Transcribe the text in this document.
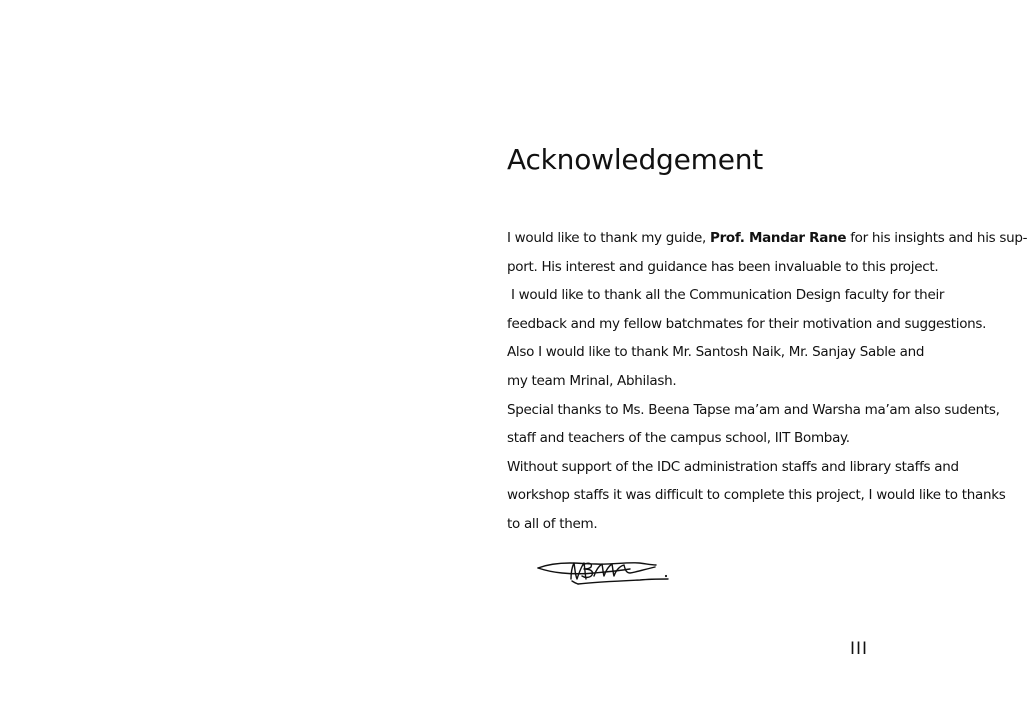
Acknowledgement
I would like to thank my guide, Prof. Mandar Rane for his insights and his sup-
port. His interest and guidance has been invaluable to this project.
I would like to thank all the Communication Design faculty for their
feedback and my fellow batchmates for their motivation and suggestions.
Also I would like to thank Mr. Santosh Naik, Mr. Sanjay Sable and
my team Mrinal, Abhilash.
Special thanks to Ms. Beena Tapse ma’am and Warsha ma’am also sudents,
staff and teachers of the campus school, IIT Bombay.
Without support of the IDC administration staffs and library staffs and
workshop staffs it was difficult to complete this project, I would like to thanks
to all of them.
III
